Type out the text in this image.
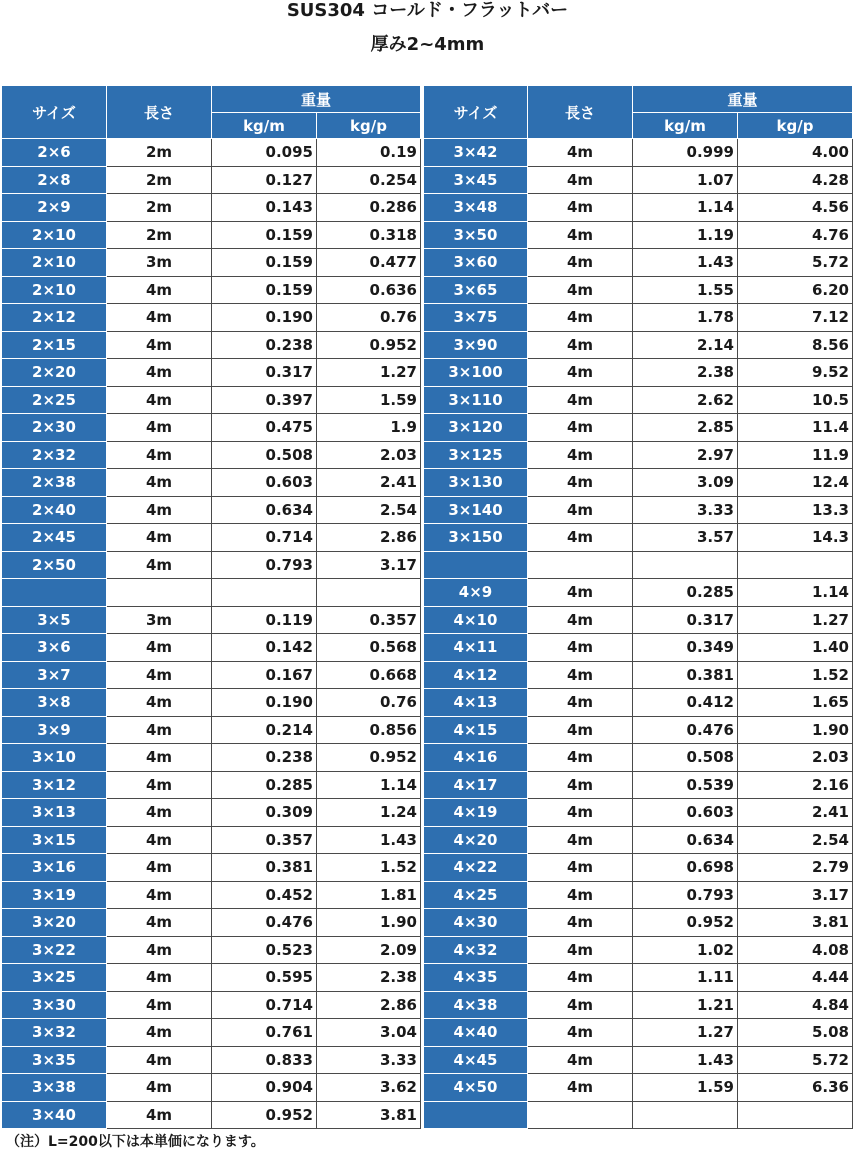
SUS304 コールド・フラットバー
厚み2~4mm
サイズ	長さ	重量	
		kg/m	kg/p
2×6	2m	0.095	0.19
2×8	2m	0.127	0.254
2×9	2m	0.143	0.286
2×10	2m	0.159	0.318
2×10	3m	0.159	0.477
2×10	4m	0.159	0.636
2×12	4m	0.190	0.76
2×15	4m	0.238	0.952
2×20	4m	0.317	1.27
2×25	4m	0.397	1.59
2×30	4m	0.475	1.9
2×32	4m	0.508	2.03
2×38	4m	0.603	2.41
2×40	4m	0.634	2.54
2×45	4m	0.714	2.86
2×50	4m	0.793	3.17

3×5	3m	0.119	0.357
3×6	4m	0.142	0.568
3×7	4m	0.167	0.668
3×8	4m	0.190	0.76
3×9	4m	0.214	0.856
3×10	4m	0.238	0.952
3×12	4m	0.285	1.14
3×13	4m	0.309	1.24
3×15	4m	0.357	1.43
3×16	4m	0.381	1.52
3×19	4m	0.452	1.81
3×20	4m	0.476	1.90
3×22	4m	0.523	2.09
3×25	4m	0.595	2.38
3×30	4m	0.714	2.86
3×32	4m	0.761	3.04
3×35	4m	0.833	3.33
3×38	4m	0.904	3.62
3×40	4m	0.952	3.81
サイズ	長さ	重量	
		kg/m	kg/p
3×42	4m	0.999	4.00
3×45	4m	1.07	4.28
3×48	4m	1.14	4.56
3×50	4m	1.19	4.76
3×60	4m	1.43	5.72
3×65	4m	1.55	6.20
3×75	4m	1.78	7.12
3×90	4m	2.14	8.56
3×100	4m	2.38	9.52
3×110	4m	2.62	10.5
3×120	4m	2.85	11.4
3×125	4m	2.97	11.9
3×130	4m	3.09	12.4
3×140	4m	3.33	13.3
3×150	4m	3.57	14.3

4×9	4m	0.285	1.14
4×10	4m	0.317	1.27
4×11	4m	0.349	1.40
4×12	4m	0.381	1.52
4×13	4m	0.412	1.65
4×15	4m	0.476	1.90
4×16	4m	0.508	2.03
4×17	4m	0.539	2.16
4×19	4m	0.603	2.41
4×20	4m	0.634	2.54
4×22	4m	0.698	2.79
4×25	4m	0.793	3.17
4×30	4m	0.952	3.81
4×32	4m	1.02	4.08
4×35	4m	1.11	4.44
4×38	4m	1.21	4.84
4×40	4m	1.27	5.08
4×45	4m	1.43	5.72
4×50	4m	1.59	6.36

（注）L=200以下は本単価になります。
